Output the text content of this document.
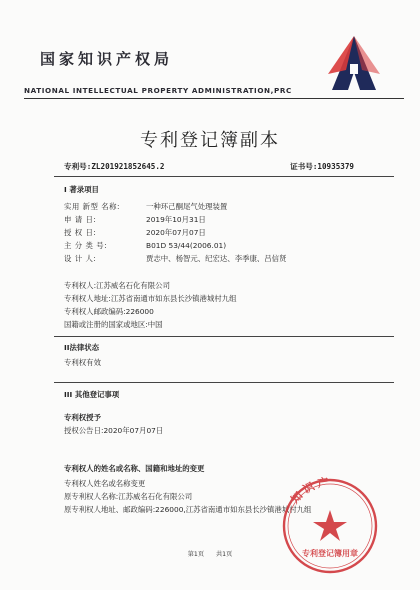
国家知识产权局
NATIONAL INTELLECTUAL PROPERTY ADMINISTRATION,PRC
专利登记簿副本
专利号:ZL201921852645.2	证书号:10935379
I 著录项目
实用 新型 名称:	一种环己酮尾气处理装置
申 请 日:	2019年10月31日
授 权 日:	2020年07月07日
主 分 类 号:	B01D 53/44(2006.01)
设 计 人:	贾志中、杨智元、纪宏达、李季康、吕信贤
专利权人:江苏威名石化有限公司
专利权人地址:江苏省南通市如东县长沙镇港城村九组
专利权人邮政编码:226000
国籍或注册的国家或地区:中国
II法律状态
专利权有效
III 其他登记事项
专利权授予
授权公告日:2020年07月07日
专利权人的姓名或名称、国籍和地址的变更
专利权人姓名或名称变更
原专利权人名称:江苏威名石化有限公司
原专利权人地址、邮政编码:226000,江苏省南通市如东县长沙镇港城村九组
知识产
专利登记簿用章
第1页 共1页
